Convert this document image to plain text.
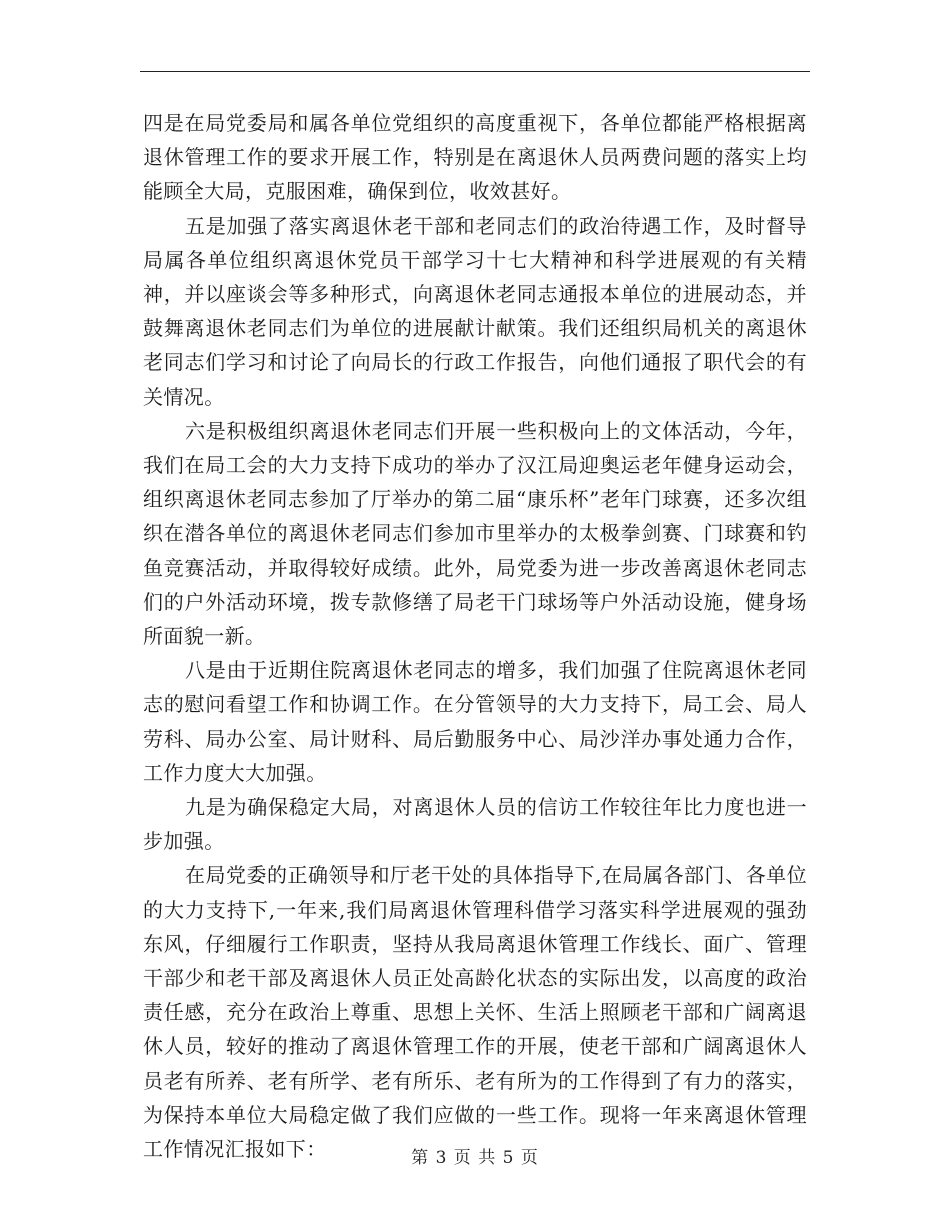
四是在局党委局和属各单位党组织的高度重视下，各单位都能严格根据离退休管理工作的要求开展工作，特别是在离退休人员两费问题的落实上均能顾全大局，克服困难，确保到位，收效甚好。

五是加强了落实离退休老干部和老同志们的政治待遇工作，及时督导局属各单位组织离退休党员干部学习十七大精神和科学进展观的有关精神，并以座谈会等多种形式，向离退休老同志通报本单位的进展动态，并鼓舞离退休老同志们为单位的进展献计献策。我们还组织局机关的离退休老同志们学习和讨论了向局长的行政工作报告，向他们通报了职代会的有关情况。

六是积极组织离退休老同志们开展一些积极向上的文体活动，今年，我们在局工会的大力支持下成功的举办了汉江局迎奥运老年健身运动会，组织离退休老同志参加了厅举办的第二届“康乐杯”老年门球赛，还多次组织在潜各单位的离退休老同志们参加市里举办的太极拳剑赛、门球赛和钓鱼竞赛活动，并取得较好成绩。此外，局党委为进一步改善离退休老同志们的户外活动环境，拨专款修缮了局老干门球场等户外活动设施，健身场所面貌一新。

八是由于近期住院离退休老同志的增多，我们加强了住院离退休老同志的慰问看望工作和协调工作。在分管领导的大力支持下，局工会、局人劳科、局办公室、局计财科、局后勤服务中心、局沙洋办事处通力合作，工作力度大大加强。

九是为确保稳定大局，对离退休人员的信访工作较往年比力度也进一步加强。

在局党委的正确领导和厅老干处的具体指导下,在局属各部门、各单位的大力支持下,一年来,我们局离退休管理科借学习落实科学进展观的强劲东风，仔细履行工作职责，坚持从我局离退休管理工作线长、面广、管理干部少和老干部及离退休人员正处高龄化状态的实际出发，以高度的政治责任感，充分在政治上尊重、思想上关怀、生活上照顾老干部和广阔离退休人员，较好的推动了离退休管理工作的开展，使老干部和广阔离退休人员老有所养、老有所学、老有所乐、老有所为的工作得到了有力的落实，为保持本单位大局稳定做了我们应做的一些工作。现将一年来离退休管理工作情况汇报如下：	第 3 页 共 5 页
